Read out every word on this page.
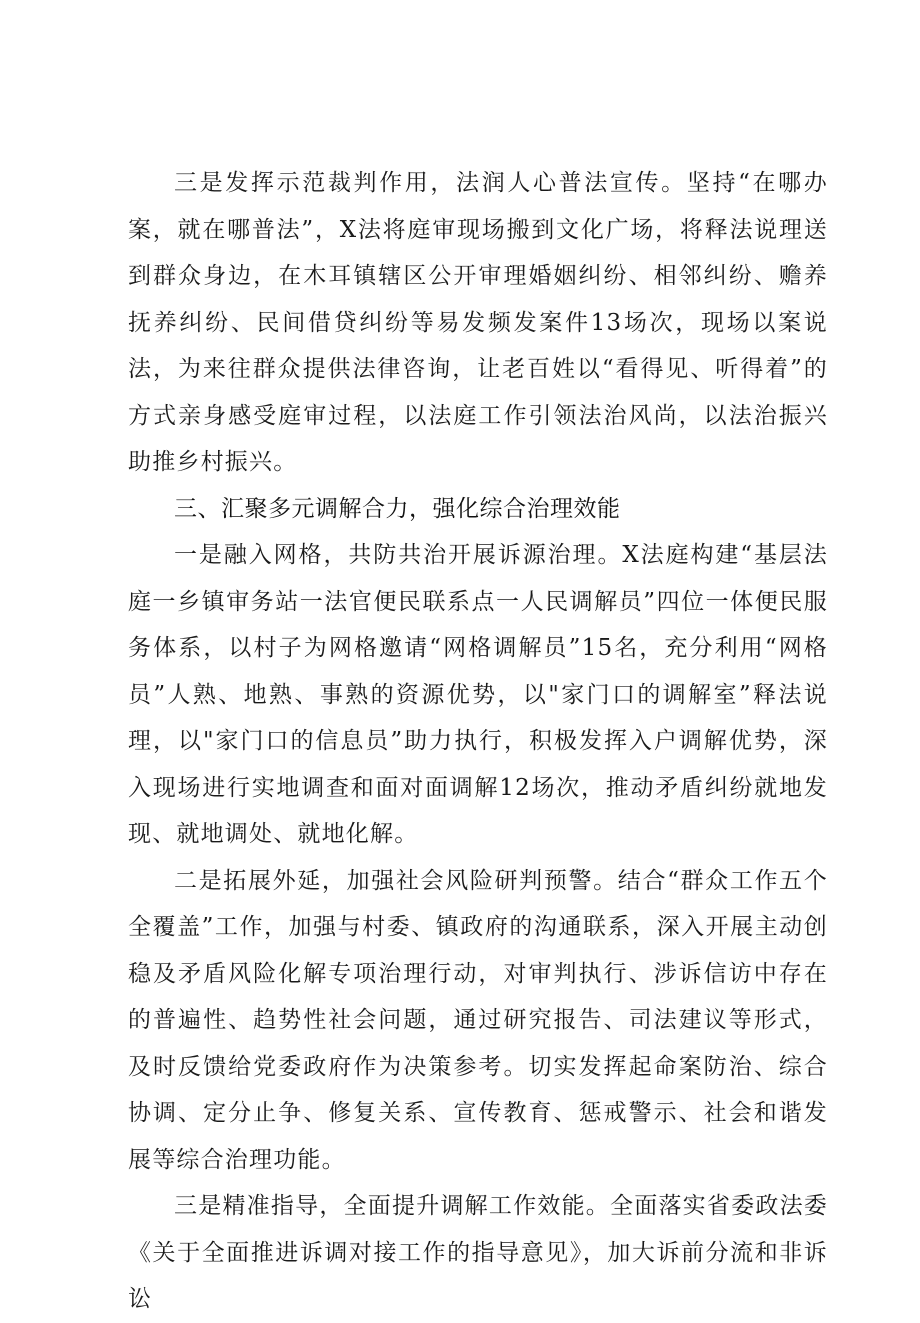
三是发挥示范裁判作用，法润人心普法宣传。坚持“在哪办案，就在哪普法”，X法将庭审现场搬到文化广场，将释法说理送到群众身边，在木耳镇辖区公开审理婚姻纠纷、相邻纠纷、赡养抚养纠纷、民间借贷纠纷等易发频发案件13场次，现场以案说法，为来往群众提供法律咨询，让老百姓以“看得见、听得着”的方式亲身感受庭审过程，以法庭工作引领法治风尚，以法治振兴助推乡村振兴。

三、汇聚多元调解合力，强化综合治理效能

一是融入网格，共防共治开展诉源治理。X法庭构建“基层法庭一乡镇审务站一法官便民联系点一人民调解员”四位一体便民服务体系，以村子为网格邀请“网格调解员”15名，充分利用“网格员”人熟、地熟、事熟的资源优势，以"家门口的调解室”释法说理，以"家门口的信息员”助力执行，积极发挥入户调解优势，深入现场进行实地调查和面对面调解12场次，推动矛盾纠纷就地发现、就地调处、就地化解。

二是拓展外延，加强社会风险研判预警。结合“群众工作五个全覆盖”工作，加强与村委、镇政府的沟通联系，深入开展主动创稳及矛盾风险化解专项治理行动，对审判执行、涉诉信访中存在的普遍性、趋势性社会问题，通过研究报告、司法建议等形式，及时反馈给党委政府作为决策参考。切实发挥起命案防治、综合协调、定分止争、修复关系、宣传教育、惩戒警示、社会和谐发展等综合治理功能。

三是精准指导，全面提升调解工作效能。全面落实省委政法委《关于全面推进诉调对接工作的指导意见》，加大诉前分流和非诉讼
